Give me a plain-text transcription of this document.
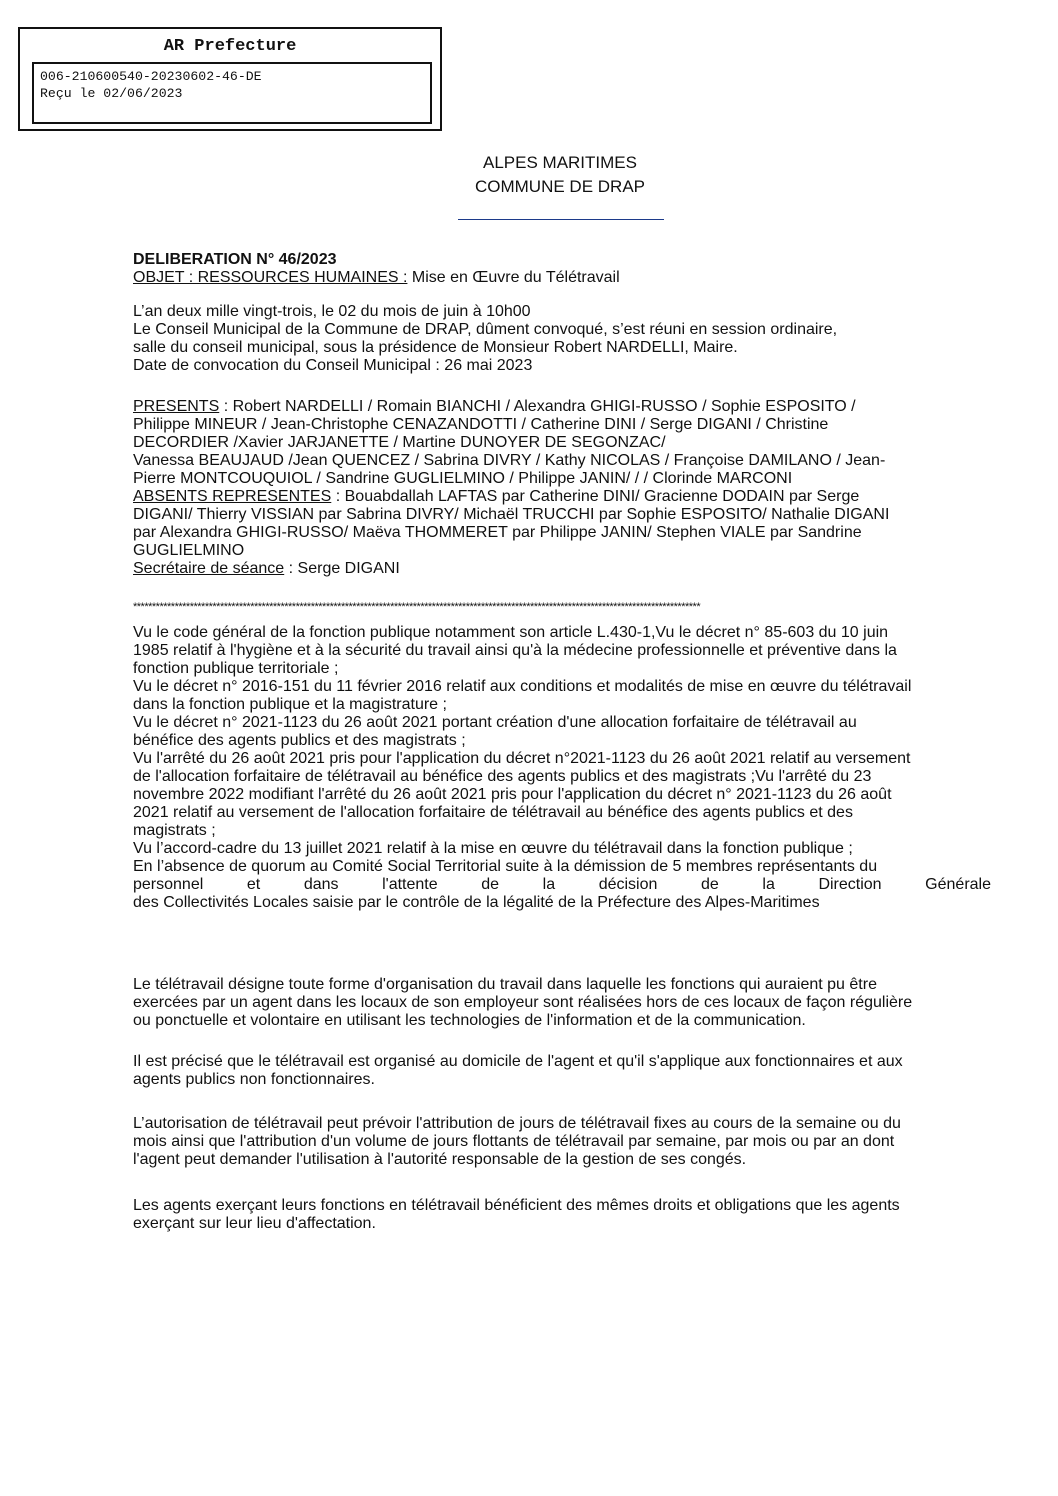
AR Prefecture
006-210600540-20230602-46-DE
Reçu le 02/06/2023
ALPES MARITIMES
COMMUNE DE DRAP
DELIBERATION N° 46/2023
OBJET : RESSOURCES HUMAINES : Mise en Œuvre du Télétravail
L’an deux mille vingt-trois, le 02 du mois de juin à 10h00
Le Conseil Municipal de la Commune de DRAP, dûment convoqué, s’est réuni en session ordinaire,
salle du conseil municipal, sous la présidence de Monsieur Robert NARDELLI, Maire.
Date de convocation du Conseil Municipal : 26 mai 2023
PRESENTS : Robert NARDELLI / Romain BIANCHI / Alexandra GHIGI-RUSSO / Sophie ESPOSITO /
Philippe MINEUR / Jean-Christophe CENAZANDOTTI / Catherine DINI / Serge DIGANI / Christine
DECORDIER /Xavier JARJANETTE / Martine DUNOYER DE SEGONZAC/
Vanessa BEAUJAUD /Jean QUENCEZ / Sabrina DIVRY / Kathy NICOLAS / Françoise DAMILANO / Jean-
Pierre MONTCOUQUIOL / Sandrine GUGLIELMINO / Philippe JANIN/ / / Clorinde MARCONI
ABSENTS REPRESENTES : Bouabdallah LAFTAS par Catherine DINI/ Gracienne DODAIN par Serge
DIGANI/ Thierry VISSIAN par Sabrina DIVRY/ Michaël TRUCCHI par Sophie ESPOSITO/ Nathalie DIGANI
par Alexandra GHIGI-RUSSO/ Maëva THOMMERET par Philippe JANIN/ Stephen VIALE par Sandrine
GUGLIELMINO
Secrétaire de séance : Serge DIGANI
******************************************************************************************************************************************************
Vu le code général de la fonction publique notamment son article L.430-1,Vu le décret n° 85-603 du 10 juin
1985 relatif à l'hygiène et à la sécurité du travail ainsi qu'à la médecine professionnelle et préventive dans la
fonction publique territoriale ;
Vu le décret n° 2016-151 du 11 février 2016 relatif aux conditions et modalités de mise en œuvre du télétravail
dans la fonction publique et la magistrature ;
Vu le décret n° 2021-1123 du 26 août 2021 portant création d'une allocation forfaitaire de télétravail au
bénéfice des agents publics et des magistrats ;
Vu l'arrêté du 26 août 2021 pris pour l'application du décret n°2021-1123 du 26 août 2021 relatif au versement
de l'allocation forfaitaire de télétravail au bénéfice des agents publics et des magistrats ;Vu l'arrêté du 23
novembre 2022 modifiant l'arrêté du 26 août 2021 pris pour l'application du décret n° 2021-1123 du 26 août
2021 relatif au versement de l'allocation forfaitaire de télétravail au bénéfice des agents publics et des
magistrats ;
Vu l’accord-cadre du 13 juillet 2021 relatif à la mise en œuvre du télétravail dans la fonction publique ;
En l’absence de quorum au Comité Social Territorial suite à la démission de 5 membres représentants du
personnel et dans l'attente de la décision de la Direction Générale
des Collectivités Locales saisie par le contrôle de la légalité de la Préfecture des Alpes-Maritimes
Le télétravail désigne toute forme d'organisation du travail dans laquelle les fonctions qui auraient pu être
exercées par un agent dans les locaux de son employeur sont réalisées hors de ces locaux de façon régulière
ou ponctuelle et volontaire en utilisant les technologies de l'information et de la communication.
Il est précisé que le télétravail est organisé au domicile de l'agent et qu'il s'applique aux fonctionnaires et aux
agents publics non fonctionnaires.
L’autorisation de télétravail peut prévoir l'attribution de jours de télétravail fixes au cours de la semaine ou du
mois ainsi que l'attribution d'un volume de jours flottants de télétravail par semaine, par mois ou par an dont
l'agent peut demander l'utilisation à l'autorité responsable de la gestion de ses congés.
Les agents exerçant leurs fonctions en télétravail bénéficient des mêmes droits et obligations que les agents
exerçant sur leur lieu d'affectation.
